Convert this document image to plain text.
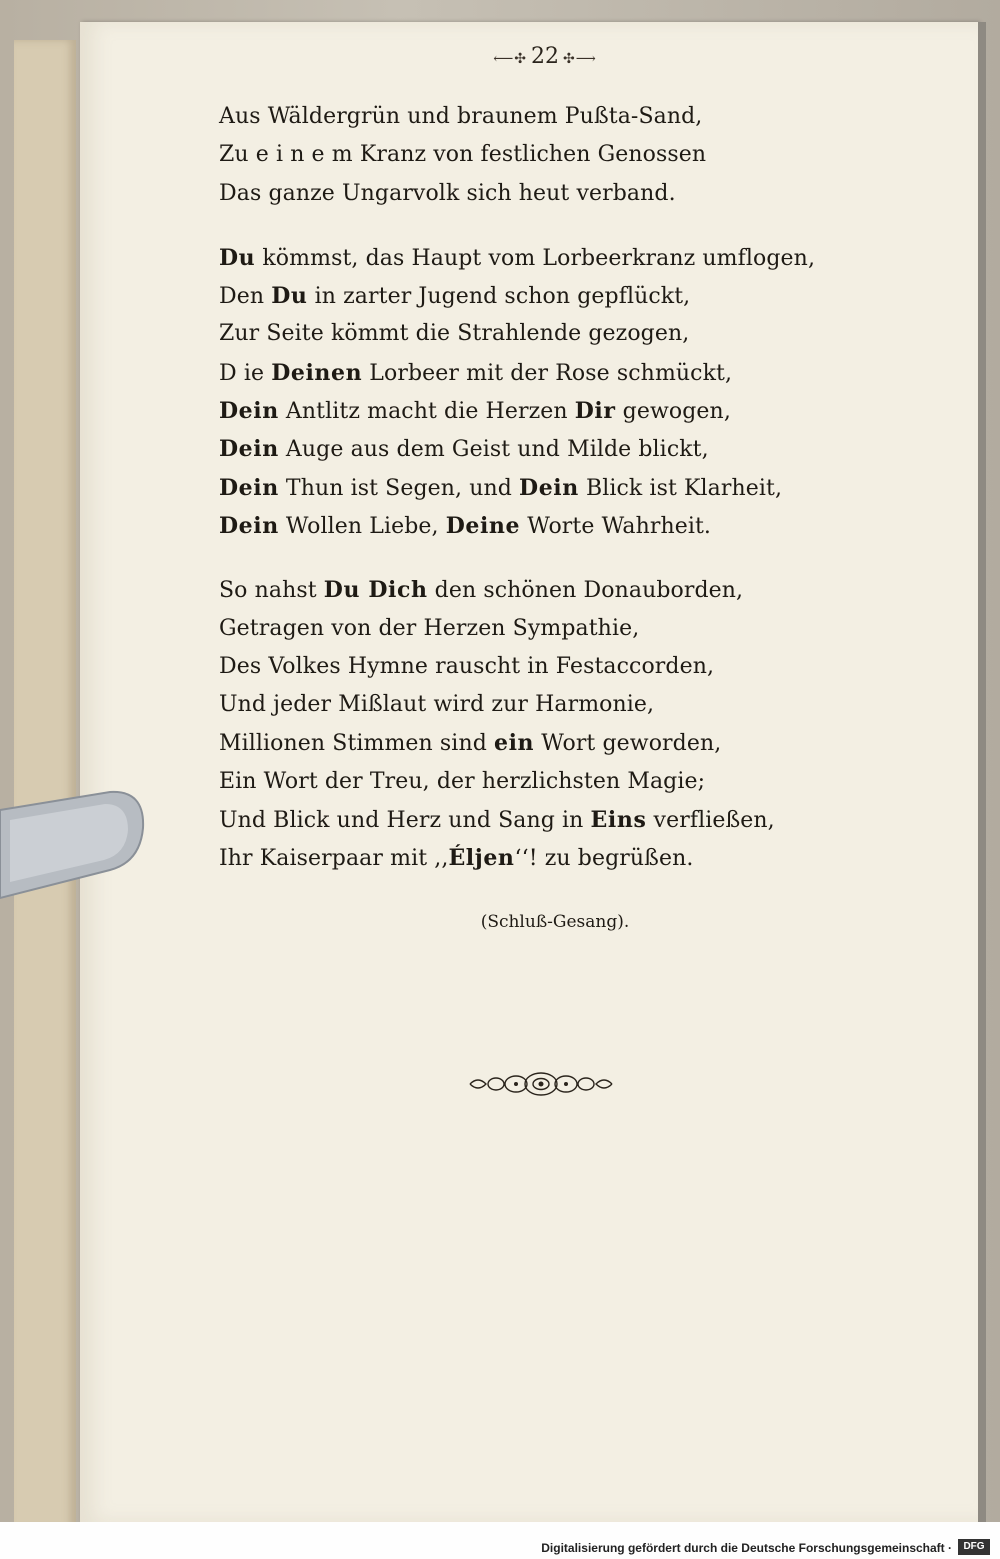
⟵✣ 22 ✣⟶
Aus Wäldergrün und braunem Pußta-Sand,
Zu e i n e m Kranz von festlichen Genossen
Das ganze Ungarvolk sich heut verband.
Du kömmst, das Haupt vom Lorbeerkranz umflogen,
Den Du in zarter Jugend schon gepflückt,
Zur Seite kömmt die Strahlende gezogen,
D ie Deinen Lorbeer mit der Rose schmückt,
Dein Antlitz macht die Herzen Dir gewogen,
Dein Auge aus dem Geist und Milde blickt,
Dein Thun ist Segen, und Dein Blick ist Klarheit,
Dein Wollen Liebe, Deine Worte Wahrheit.
So nahst Du Dich den schönen Donauborden,
Getragen von der Herzen Sympathie,
Des Volkes Hymne rauscht in Festaccorden,
Und jeder Mißlaut wird zur Harmonie,
Millionen Stimmen sind ein Wort geworden,
Ein Wort der Treu, der herzlichsten Magie;
Und Blick und Herz und Sang in Eins verfließen,
Ihr Kaiserpaar mit ,,Éljen‘‘! zu begrüßen.
(Schluß-Gesang).
Digitalisierung gefördert durch die Deutsche Forschungsgemeinschaft ·	DFG
